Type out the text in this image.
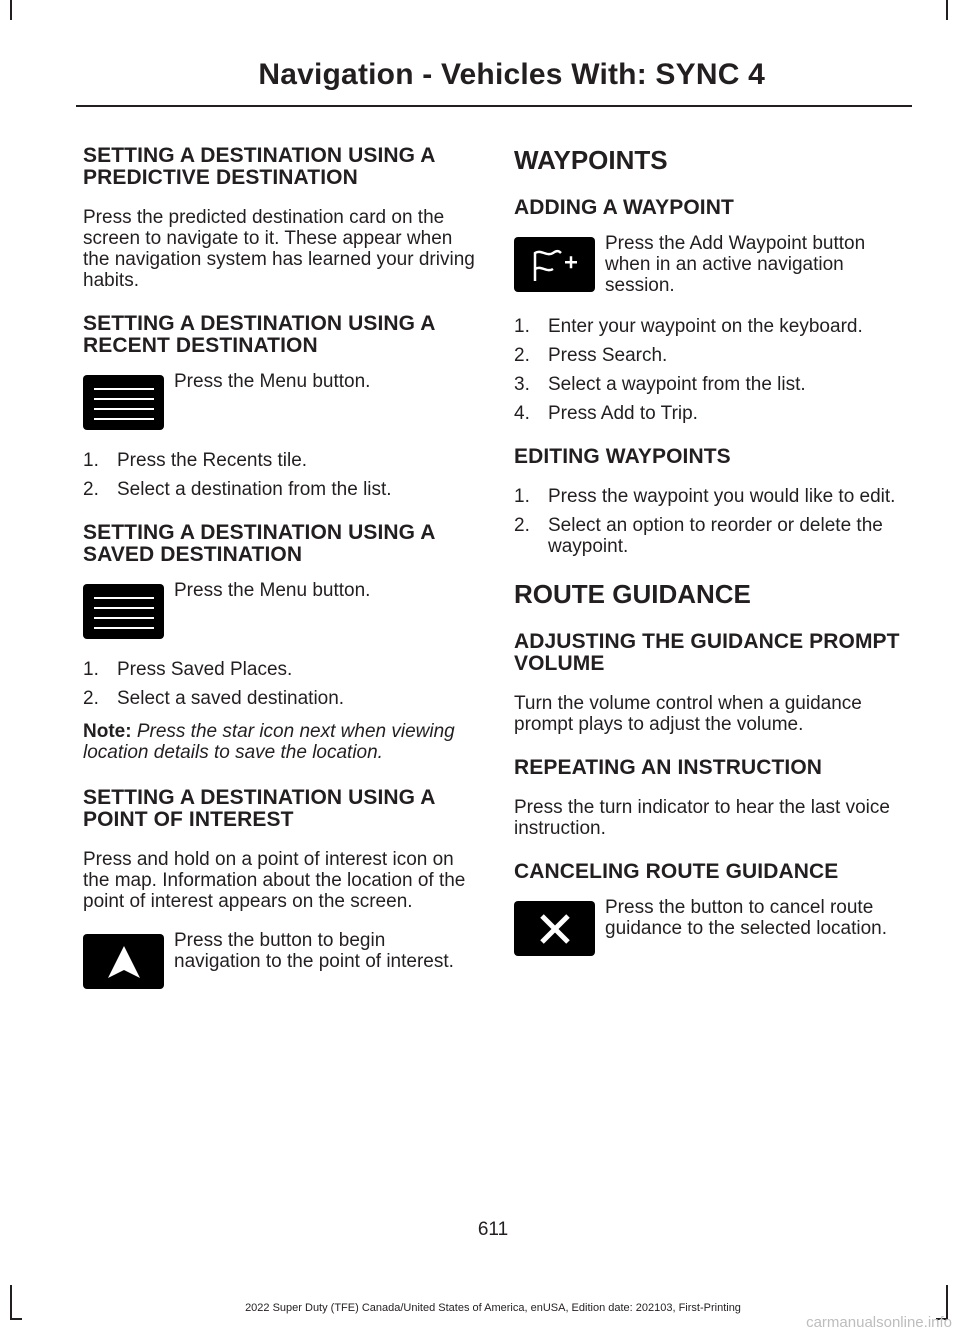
Navigation - Vehicles With: SYNC 4
SETTING A DESTINATION USING A PREDICTIVE DESTINATION

Press the predicted destination card on the screen to navigate to it. These appear when the navigation system has learned your driving habits.

SETTING A DESTINATION USING A RECENT DESTINATION
Press the Menu button.
1. Press the Recents tile.
2. Select a destination from the list.
SETTING A DESTINATION USING A SAVED DESTINATION
Press the Menu button.
1. Press Saved Places.
2. Select a saved destination.
Note: Press the star icon next when viewing location details to save the location.
SETTING A DESTINATION USING A POINT OF INTEREST

Press and hold on a point of interest icon on the map. Information about the location of the point of interest appears on the screen.

Press the button to begin navigation to the point of interest.
WAYPOINTS
ADDING A WAYPOINT
Press the Add Waypoint button when in an active navigation session.
1. Enter your waypoint on the keyboard.
2. Press Search.
3. Select a waypoint from the list.
4. Press Add to Trip.
EDITING WAYPOINTS
1. Press the waypoint you would like to edit.
2. Select an option to reorder or delete the waypoint.
ROUTE GUIDANCE
ADJUSTING THE GUIDANCE PROMPT VOLUME

Turn the volume control when a guidance prompt plays to adjust the volume.

REPEATING AN INSTRUCTION

Press the turn indicator to hear the last voice instruction.

CANCELING ROUTE GUIDANCE
Press the button to cancel route guidance to the selected location.
611
2022 Super Duty (TFE) Canada/United States of America, enUSA, Edition date: 202103, First-Printing
carmanualsonline.info
